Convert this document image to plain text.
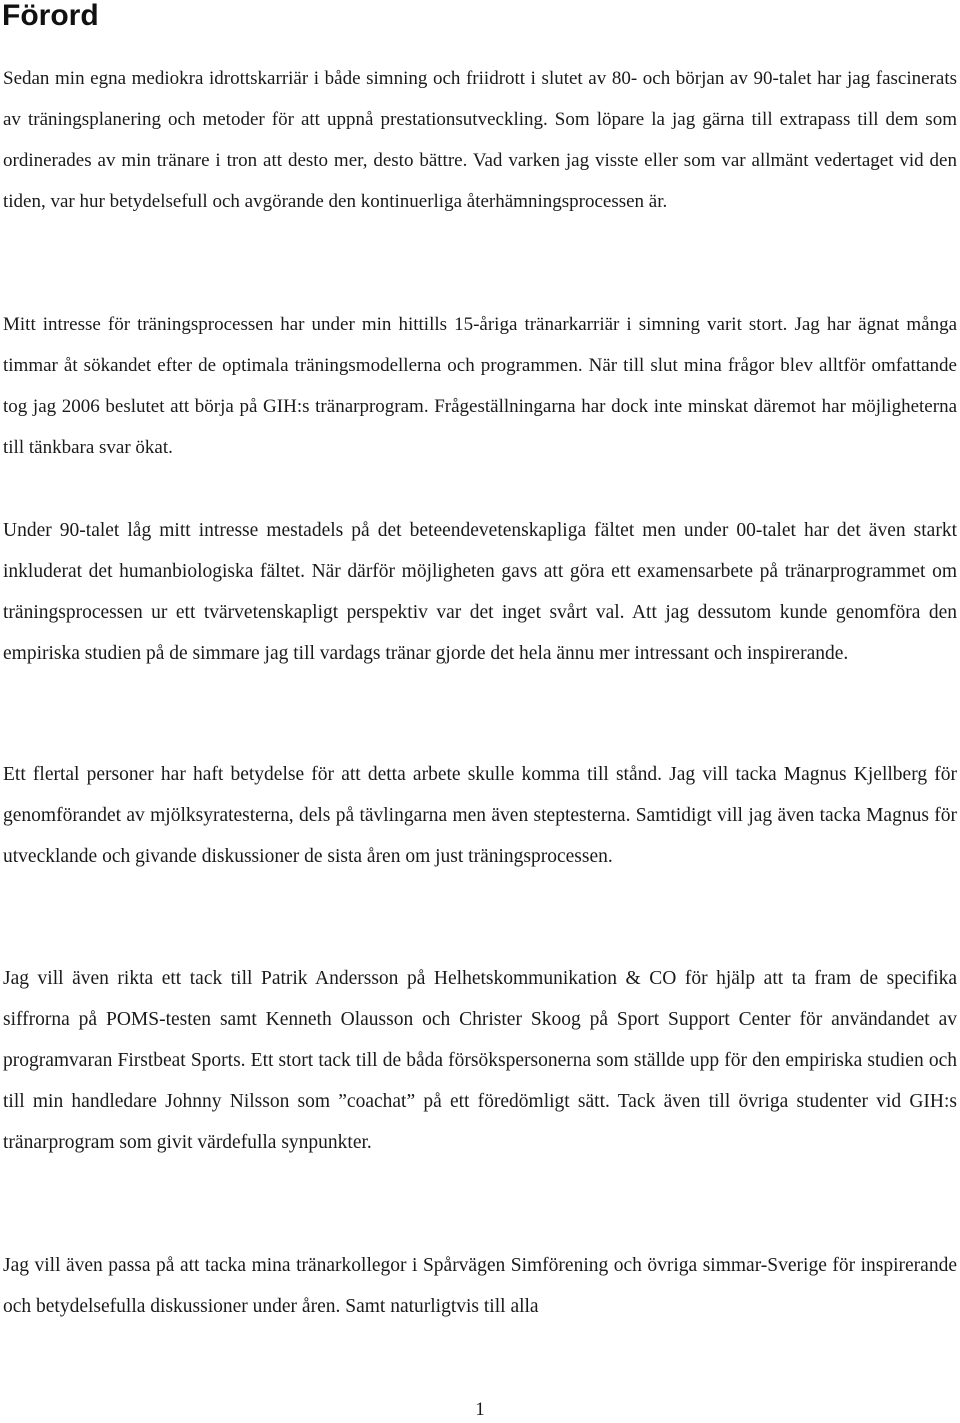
Förord

Sedan min egna mediokra idrottskarriär i både simning och friidrott i slutet av 80- och början av 90-talet har jag fascinerats av träningsplanering och metoder för att uppnå prestationsutveckling. Som löpare la jag gärna till extrapass till dem som ordinerades av min tränare i tron att desto mer, desto bättre. Vad varken jag visste eller som var allmänt vedertaget vid den tiden, var hur betydelsefull och avgörande den kontinuerliga återhämningsprocessen är.

Mitt intresse för träningsprocessen har under min hittills 15-åriga tränarkarriär i simning varit stort. Jag har ägnat många timmar åt sökandet efter de optimala träningsmodellerna och programmen. När till slut mina frågor blev alltför omfattande tog jag 2006 beslutet att börja på GIH:s tränarprogram. Frågeställningarna har dock inte minskat däremot har möjligheterna till tänkbara svar ökat.

Under 90-talet låg mitt intresse mestadels på det beteendevetenskapliga fältet men under 00-talet har det även starkt inkluderat det humanbiologiska fältet. När därför möjligheten gavs att göra ett examensarbete på tränarprogrammet om träningsprocessen ur ett tvärvetenskapligt perspektiv var det inget svårt val. Att jag dessutom kunde genomföra den empiriska studien på de simmare jag till vardags tränar gjorde det hela ännu mer intressant och inspirerande.

Ett flertal personer har haft betydelse för att detta arbete skulle komma till stånd. Jag vill tacka Magnus Kjellberg för genomförandet av mjölksyratesterna, dels på tävlingarna men även steptesterna. Samtidigt vill jag även tacka Magnus för utvecklande och givande diskussioner de sista åren om just träningsprocessen.

Jag vill även rikta ett tack till Patrik Andersson på Helhetskommunikation & CO för hjälp att ta fram de specifika siffrorna på POMS-testen samt Kenneth Olausson och Christer Skoog på Sport Support Center för användandet av programvaran Firstbeat Sports. Ett stort tack till de båda försökspersonerna som ställde upp för den empiriska studien och till min handledare Johnny Nilsson som ”coachat” på ett föredömligt sätt. Tack även till övriga studenter vid GIH:s tränarprogram som givit värdefulla synpunkter.

Jag vill även passa på att tacka mina tränarkollegor i Spårvägen Simförening och övriga simmar-Sverige för inspirerande och betydelsefulla diskussioner under åren. Samt naturligtvis till alla

1
